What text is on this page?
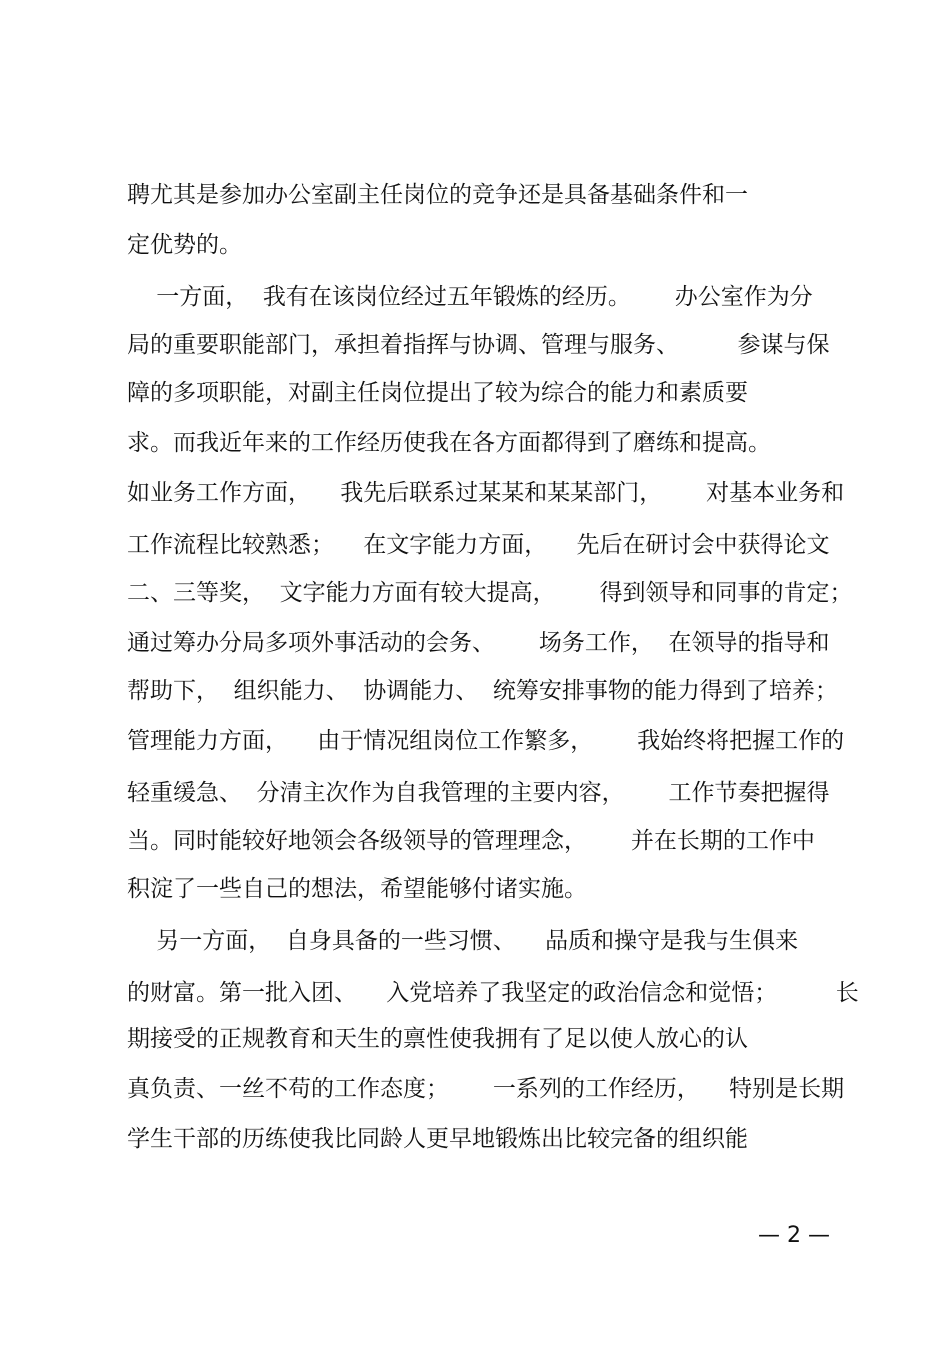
聘尤其是参加办公室副主任岗位的竞争还是具备基础条件和一
定优势的。
一方面，  我有在该岗位经过五年锻炼的经历。      办公室作为分
局的重要职能部门，承担着指挥与协调、管理与服务、        参谋与保
障的多项职能，对副主任岗位提出了较为综合的能力和素质要
求。而我近年来的工作经历使我在各方面都得到了磨练和提高。
如业务工作方面，    我先后联系过某某和某某部门，      对基本业务和
工作流程比较熟悉；    在文字能力方面，    先后在研讨会中获得论文
二、三等奖，  文字能力方面有较大提高，      得到领导和同事的肯定；
通过筹办分局多项外事活动的会务、      场务工作，  在领导的指导和
帮助下，  组织能力、  协调能力、  统筹安排事物的能力得到了培养；
管理能力方面，    由于情况组岗位工作繁多，      我始终将把握工作的
轻重缓急、  分清主次作为自我管理的主要内容，      工作节奏把握得
当。同时能较好地领会各级领导的管理理念，      并在长期的工作中
积淀了一些自己的想法，希望能够付诸实施。
另一方面，  自身具备的一些习惯、    品质和操守是我与生俱来
的财富。第一批入团、    入党培养了我坚定的政治信念和觉悟；        长
期接受的正规教育和天生的禀性使我拥有了足以使人放心的认
真负责、一丝不苟的工作态度；      一系列的工作经历，    特别是长期
学生干部的历练使我比同龄人更早地锻炼出比较完备的组织能
— 2 —
